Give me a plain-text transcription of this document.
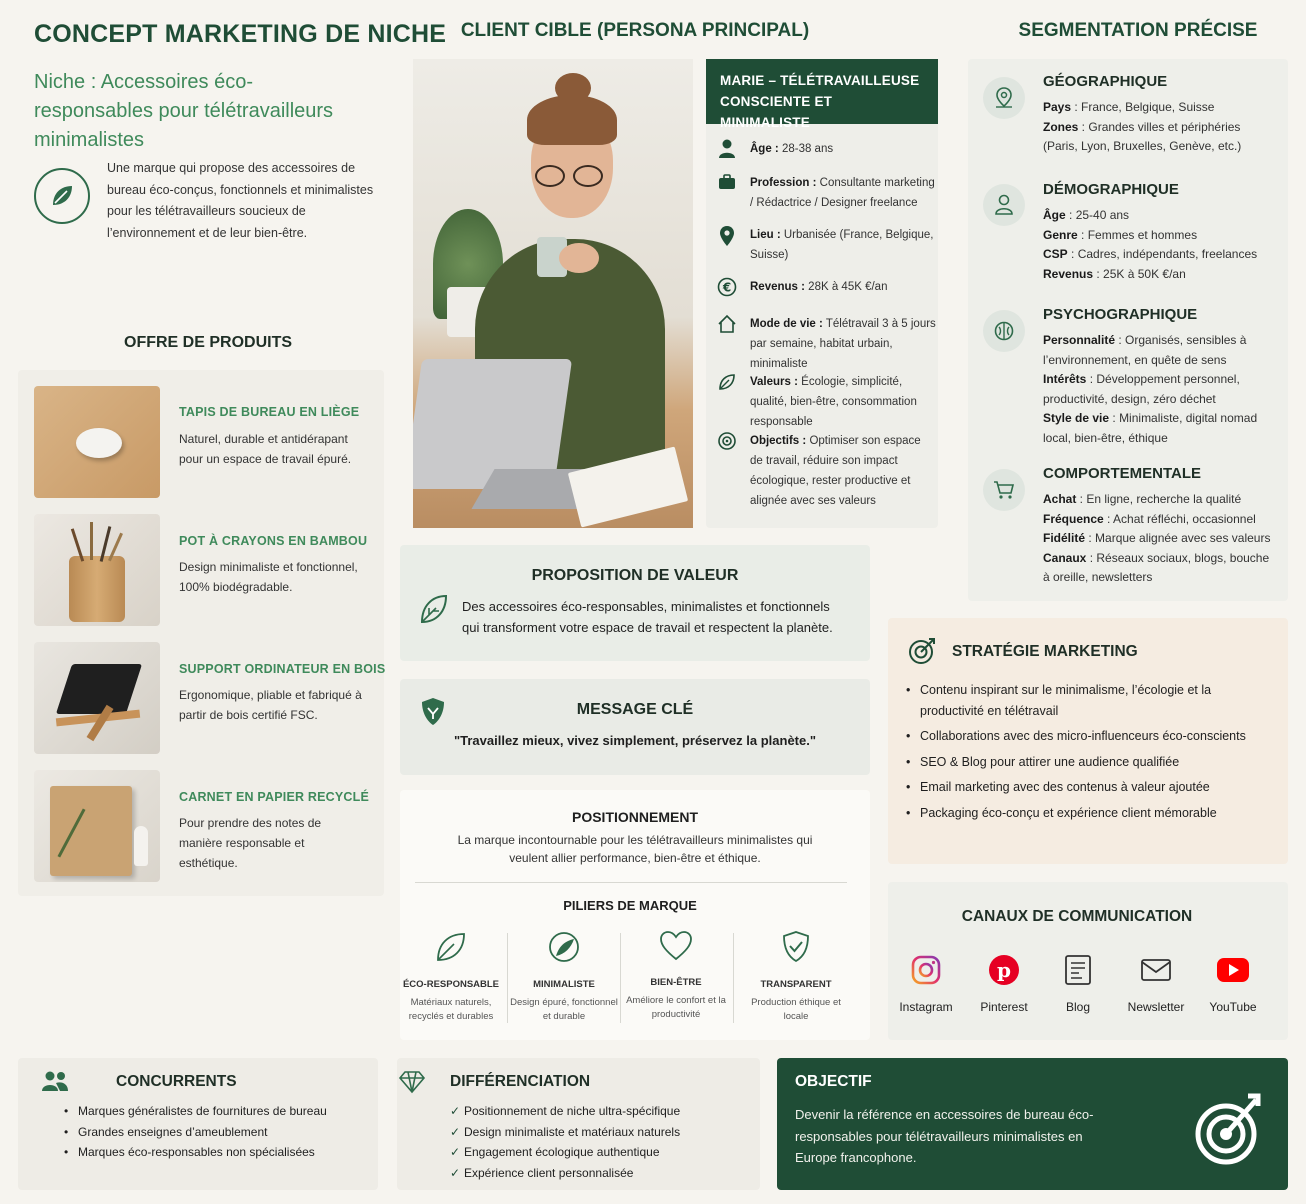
CONCEPT MARKETING DE NICHE
Niche : Accessoires éco-responsables pour télétravailleurs minimalistes
Une marque qui propose des accessoires de bureau éco-conçus, fonctionnels et minimalistes pour les télétravailleurs soucieux de l’environnement et de leur bien-être.
OFFRE DE PRODUITS
TAPIS DE BUREAU EN LIÈGE
Naturel, durable et antidérapant pour un espace de travail épuré.
POT À CRAYONS EN BAMBOU
Design minimaliste et fonctionnel, 100% biodégradable.
SUPPORT ORDINATEUR EN BOIS
Ergonomique, pliable et fabriqué à partir de bois certifié FSC.
CARNET EN PAPIER RECYCLÉ
Pour prendre des notes de manière responsable et esthétique.
CLIENT CIBLE (PERSONA PRINCIPAL)
MARIE – TÉLÉTRAVAILLEUSE CONSCIENTE ET MINIMALISTE
Âge : 28-38 ans
Profession : Consultante marketing / Rédactrice / Designer freelance
Lieu : Urbanisée (France, Belgique, Suisse)
€ Revenus : 28K à 45K €/an
Mode de vie : Télétravail 3 à 5 jours par semaine, habitat urbain, minimaliste
Valeurs : Écologie, simplicité, qualité, bien-être, consommation responsable
Objectifs : Optimiser son espace de travail, réduire son impact écologique, rester productive et alignée avec ses valeurs
SEGMENTATION PRÉCISE
GÉOGRAPHIQUE
Pays : France, Belgique, Suisse
Zones : Grandes villes et périphéries (Paris, Lyon, Bruxelles, Genève, etc.)
DÉMOGRAPHIQUE
Âge : 25-40 ans
Genre : Femmes et hommes
CSP : Cadres, indépendants, freelances
Revenus : 25K à 50K €/an
PSYCHOGRAPHIQUE
Personnalité : Organisés, sensibles à l’environnement, en quête de sens
Intérêts : Développement personnel, productivité, design, zéro déchet
Style de vie : Minimaliste, digital nomad local, bien-être, éthique
COMPORTEMENTALE
Achat : En ligne, recherche la qualité
Fréquence : Achat réfléchi, occasionnel
Fidélité : Marque alignée avec ses valeurs
Canaux : Réseaux sociaux, blogs, bouche à oreille, newsletters
PROPOSITION DE VALEUR
Des accessoires éco-responsables, minimalistes et fonctionnels qui transforment votre espace de travail et respectent la planète.
MESSAGE CLÉ
"Travaillez mieux, vivez simplement, préservez la planète."
POSITIONNEMENT
La marque incontournable pour les télétravailleurs minimalistes qui veulent allier performance, bien-être et éthique.
PILIERS DE MARQUE
ÉCO-RESPONSABLE
Matériaux naturels, recyclés et durables
MINIMALISTE
Design épuré, fonctionnel et durable
BIEN-ÊTRE
Améliore le confort et la productivité
TRANSPARENT
Production éthique et locale
STRATÉGIE MARKETING
• Contenu inspirant sur le minimalisme, l’écologie et la productivité en télétravail
• Collaborations avec des micro-influenceurs éco-conscients
• SEO & Blog pour attirer une audience qualifiée
• Email marketing avec des contenus à valeur ajoutée
• Packaging éco-conçu et expérience client mémorable
CANAUX DE COMMUNICATION
Instagram
p
Pinterest	Blog	Newsletter	YouTube
CONCURRENTS
• Marques généralistes de fournitures de bureau
• Grandes enseignes d’ameublement
• Marques éco-responsables non spécialisées
DIFFÉRENCIATION
✓ Positionnement de niche ultra-spécifique
✓ Design minimaliste et matériaux naturels
✓ Engagement écologique authentique
✓ Expérience client personnalisée
OBJECTIF
Devenir la référence en accessoires de bureau éco-responsables pour télétravailleurs minimalistes en Europe francophone.
